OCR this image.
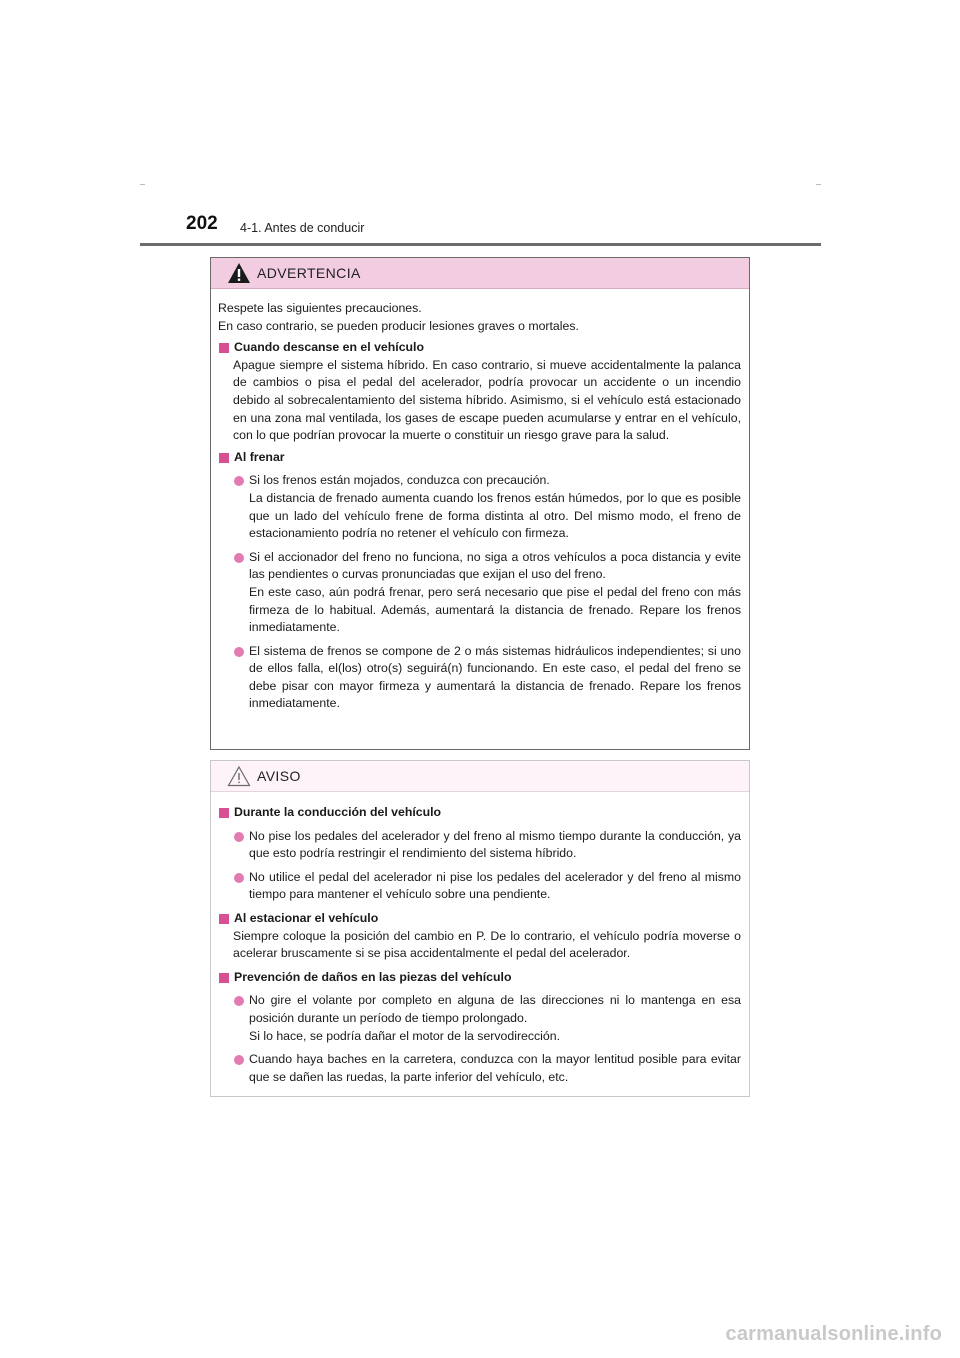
202 4-1. Antes de conducir
ADVERTENCIA

Respete las siguientes precauciones.
En caso contrario, se pueden producir lesiones graves o mortales.

Cuando descanse en el vehículo
Apague siempre el sistema híbrido. En caso contrario, si mueve accidentalmente la palanca de cambios o pisa el pedal del acelerador, podría provocar un accidente o un incendio debido al sobrecalentamiento del sistema híbrido. Asimismo, si el vehículo está estacionado en una zona mal ventilada, los gases de escape pueden acumularse y entrar en el vehículo, con lo que podrían provocar la muerte o constituir un riesgo grave para la salud.
Al frenar
Si los frenos están mojados, conduzca con precaución.
La distancia de frenado aumenta cuando los frenos están húmedos, por lo que es posible que un lado del vehículo frene de forma distinta al otro. Del mismo modo, el freno de estacionamiento podría no retener el vehículo con firmeza.
Si el accionador del freno no funciona, no siga a otros vehículos a poca distancia y evite las pendientes o curvas pronunciadas que exijan el uso del freno.
En este caso, aún podrá frenar, pero será necesario que pise el pedal del freno con más firmeza de lo habitual. Además, aumentará la distancia de frenado. Repare los frenos inmediatamente.
El sistema de frenos se compone de 2 o más sistemas hidráulicos independientes; si uno de ellos falla, el(los) otro(s) seguirá(n) funcionando. En este caso, el pedal del freno se debe pisar con mayor firmeza y aumentará la distancia de frenado. Repare los frenos inmediatamente.
AVISO
Durante la conducción del vehículo
No pise los pedales del acelerador y del freno al mismo tiempo durante la conducción, ya que esto podría restringir el rendimiento del sistema híbrido.
No utilice el pedal del acelerador ni pise los pedales del acelerador y del freno al mismo tiempo para mantener el vehículo sobre una pendiente.
Al estacionar el vehículo
Siempre coloque la posición del cambio en P. De lo contrario, el vehículo podría moverse o acelerar bruscamente si se pisa accidentalmente el pedal del acelerador.
Prevención de daños en las piezas del vehículo
No gire el volante por completo en alguna de las direcciones ni lo mantenga en esa posición durante un período de tiempo prolongado.
Si lo hace, se podría dañar el motor de la servodirección.
Cuando haya baches en la carretera, conduzca con la mayor lentitud posible para evitar que se dañen las ruedas, la parte inferior del vehículo, etc.
carmanualsonline.info
